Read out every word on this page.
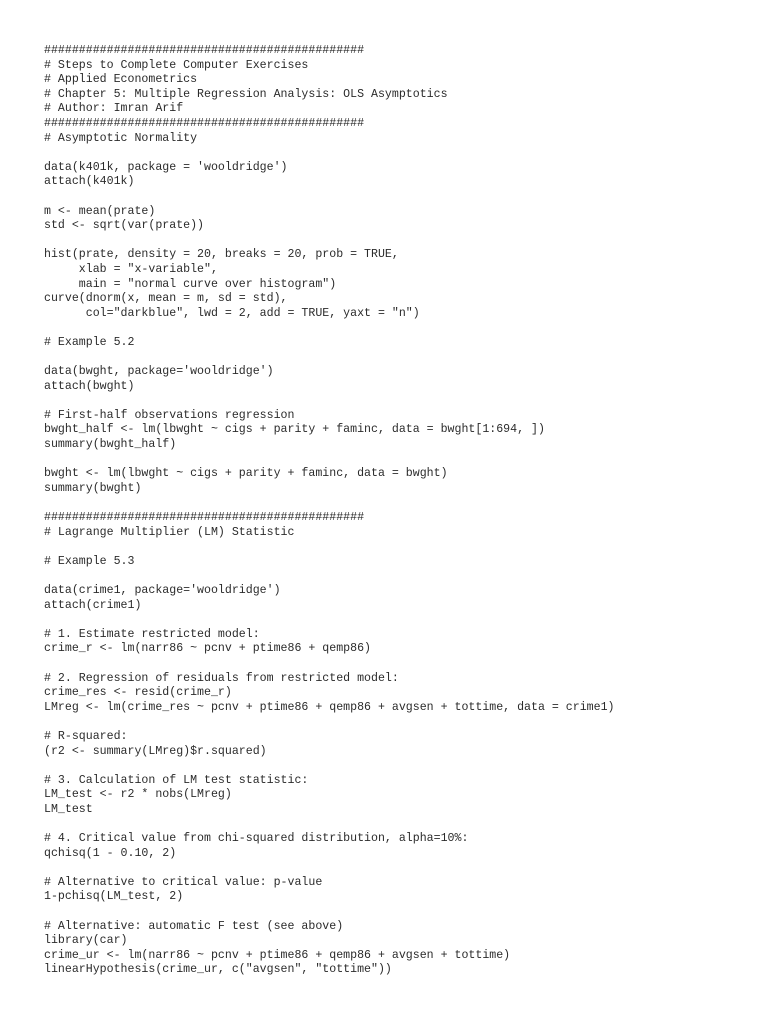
##############################################
# Steps to Complete Computer Exercises
# Applied Econometrics
# Chapter 5: Multiple Regression Analysis: OLS Asymptotics
# Author: Imran Arif
##############################################
# Asymptotic Normality
data(k401k, package = 'wooldridge')
attach(k401k)
m <- mean(prate)
std <- sqrt(var(prate))
hist(prate, density = 20, breaks = 20, prob = TRUE,
xlab = "x-variable",
main = "normal curve over histogram")
curve(dnorm(x, mean = m, sd = std),
col="darkblue", lwd = 2, add = TRUE, yaxt = "n")
# Example 5.2
data(bwght, package='wooldridge')
attach(bwght)
# First-half observations regression
bwght_half <- lm(lbwght ~ cigs + parity + faminc, data = bwght[1:694, ])
summary(bwght_half)
bwght <- lm(lbwght ~ cigs + parity + faminc, data = bwght)
summary(bwght)
##############################################
# Lagrange Multiplier (LM) Statistic
# Example 5.3
data(crime1, package='wooldridge')
attach(crime1)
# 1. Estimate restricted model:
crime_r <- lm(narr86 ~ pcnv + ptime86 + qemp86)
# 2. Regression of residuals from restricted model:
crime_res <- resid(crime_r)
LMreg <- lm(crime_res ~ pcnv + ptime86 + qemp86 + avgsen + tottime, data = crime1)
# R-squared:
(r2 <- summary(LMreg)$r.squared)
# 3. Calculation of LM test statistic:
LM_test <- r2 * nobs(LMreg)
LM_test
# 4. Critical value from chi-squared distribution, alpha=10%:
qchisq(1 - 0.10, 2)
# Alternative to critical value: p-value
1-pchisq(LM_test, 2)
# Alternative: automatic F test (see above)
library(car)
crime_ur <- lm(narr86 ~ pcnv + ptime86 + qemp86 + avgsen + tottime)
linearHypothesis(crime_ur, c("avgsen", "tottime"))
